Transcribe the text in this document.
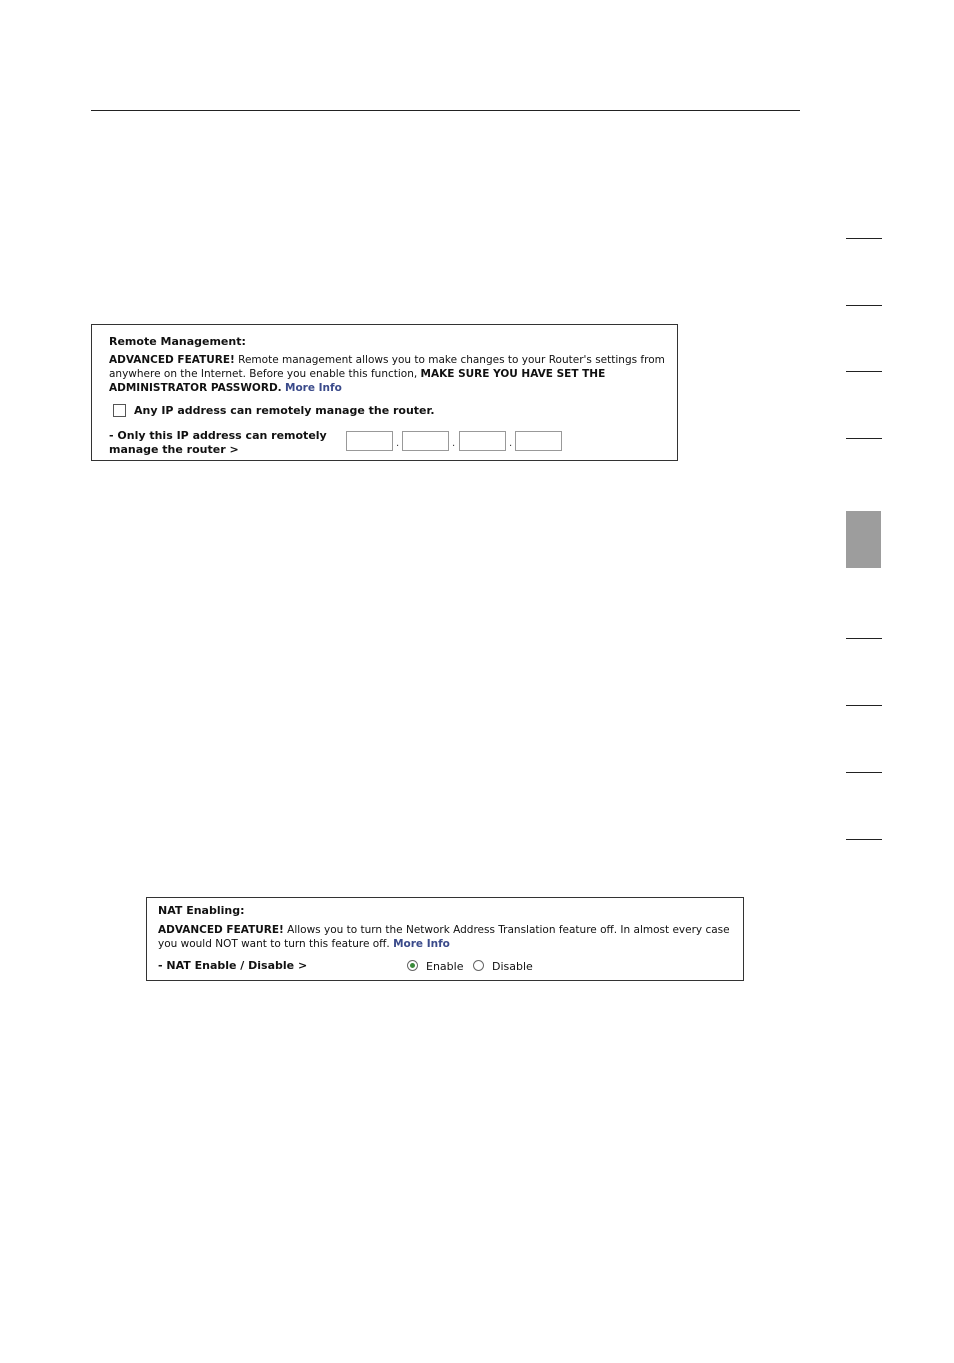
Remote Management:
ADVANCED FEATURE! Remote management allows you to make changes to your Router's settings from anywhere on the Internet. Before you enable this function, MAKE SURE YOU HAVE SET THE ADMINISTRATOR PASSWORD. More Info
Any IP address can remotely manage the router.
- Only this IP address can remotely
manage the router >	.	.	.
NAT Enabling:
ADVANCED FEATURE! Allows you to turn the Network Address Translation feature off. In almost every case you would NOT want to turn this feature off. More Info
- NAT Enable / Disable >	Enable	Disable
